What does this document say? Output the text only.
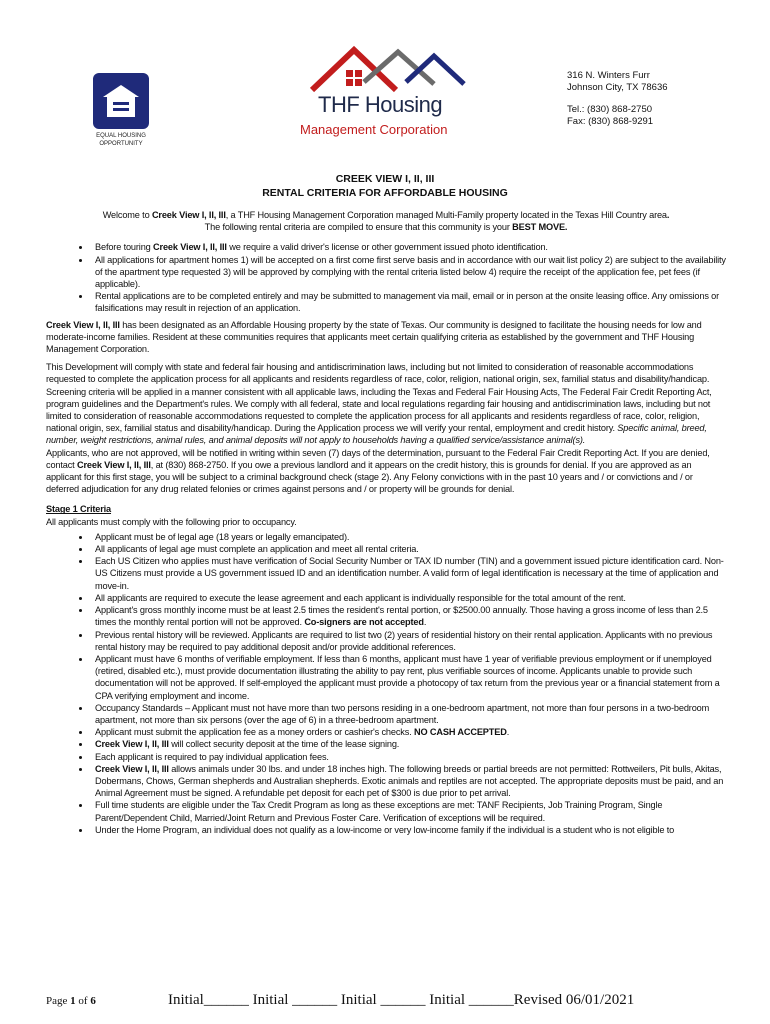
EQUAL HOUSING
OPPORTUNITY
THF Housing
Management Corporation
316 N. Winters Furr
Johnson City, TX 78636
Tel.: (830) 868-2750
Fax: (830) 868-9291
CREEK VIEW I, II, III
RENTAL CRITERIA FOR AFFORDABLE HOUSING

Welcome to Creek View I, II, III, a THF Housing Management Corporation managed Multi-Family property located in the Texas Hill Country area.

The following rental criteria are compiled to ensure that this community is your BEST MOVE.

• Before touring Creek View I, II, III we require a valid driver's license or other government issued photo identification.
• All applications for apartment homes 1) will be accepted on a first come first serve basis and in accordance with our wait list policy 2) are subject to the availability of the apartment type requested 3) will be approved by complying with the rental criteria listed below 4) require the receipt of the application fee, pet fees (if applicable).
• Rental applications are to be completed entirely and may be submitted to management via mail, email or in person at the onsite leasing office. Any omissions or falsifications may result in rejection of an application.

Creek View I, II, III has been designated as an Affordable Housing property by the state of Texas. Our community is designed to facilitate the housing needs for low and moderate-income families. Resident at these communities requires that applicants meet certain qualifying criteria as established by the government and THF Housing Management Corporation.

This Development will comply with state and federal fair housing and antidiscrimination laws, including but not limited to consideration of reasonable accommodations requested to complete the application process for all applicants and residents regardless of race, color, religion, national origin, sex, familial status and disability/handicap.

Screening criteria will be applied in a manner consistent with all applicable laws, including the Texas and Federal Fair Housing Acts, The Federal Fair Credit Reporting Act, program guidelines and the Department's rules. We comply with all federal, state and local regulations regarding fair housing and antidiscrimination laws, including but not limited to consideration of reasonable accommodations requested to complete the application process for all applicants and residents regardless of race, color, religion, national origin, sex, familial status and disability/handicap. During the Application process we will verify your rental, employment and credit history. Specific animal, breed, number, weight restrictions, animal rules, and animal deposits will not apply to households having a qualified service/assistance animal(s).

Applicants, who are not approved, will be notified in writing within seven (7) days of the determination, pursuant to the Federal Fair Credit Reporting Act. If you are denied, contact Creek View I, II, III, at (830) 868-2750. If you owe a previous landlord and it appears on the credit history, this is grounds for denial. If you are approved as an applicant for this first stage, you will be subject to a criminal background check (stage 2). Any Felony convictions with in the past 10 years and / or convictions and / or deferred adjudication for any drug related felonies or crimes against persons and / or property will be grounds for denial.

Stage 1 Criteria

All applicants must comply with the following prior to occupancy.

• Applicant must be of legal age (18 years or legally emancipated).
• All applicants of legal age must complete an application and meet all rental criteria.
• Each US Citizen who applies must have verification of Social Security Number or TAX ID number (TIN) and a government issued picture identification card. Non-US Citizens must provide a US government issued ID and an identification number. A valid form of legal identification is necessary at the time of application and move-in.
• All applicants are required to execute the lease agreement and each applicant is individually responsible for the total amount of the rent.
• Applicant's gross monthly income must be at least 2.5 times the resident's rental portion, or $2500.00 annually. Those having a gross income of less than 2.5 times the monthly rental portion will not be approved. Co-signers are not accepted.
• Previous rental history will be reviewed. Applicants are required to list two (2) years of residential history on their rental application. Applicants with no previous rental history may be required to pay additional deposit and/or provide additional references.
• Applicant must have 6 months of verifiable employment. If less than 6 months, applicant must have 1 year of verifiable previous employment or if unemployed (retired, disabled etc.), must provide documentation illustrating the ability to pay rent, plus verifiable sources of income. Applicants unable to provide such documentation will not be approved. If self-employed the applicant must provide a photocopy of tax return from the previous year or a financial statement from a CPA verifying employment and income.
• Occupancy Standards – Applicant must not have more than two persons residing in a one-bedroom apartment, not more than four persons in a two-bedroom apartment, not more than six persons (over the age of 6) in a three-bedroom apartment.
• Applicant must submit the application fee as a money orders or cashier's checks. NO CASH ACCEPTED.
• Creek View I, II, III will collect security deposit at the time of the lease signing.
• Each applicant is required to pay individual application fees.
• Creek View I, II, III allows animals under 30 lbs. and under 18 inches high. The following breeds or partial breeds are not permitted: Rottweilers, Pit bulls, Akitas, Dobermans, Chows, German shepherds and Australian shepherds. Exotic animals and reptiles are not accepted. The appropriate deposits must be paid, and an Animal Agreement must be signed. A refundable pet deposit for each pet of $300 is due prior to pet arrival.
• Full time students are eligible under the Tax Credit Program as long as these exceptions are met: TANF Recipients, Job Training Program, Single Parent/Dependent Child, Married/Joint Return and Previous Foster Care. Verification of exceptions will be required.
• Under the Home Program, an individual does not qualify as a low-income or very low-income family if the individual is a student who is not eligible to
Page 1 of 6	Initial______ Initial ______ Initial ______ Initial ______Revised 06/01/2021
